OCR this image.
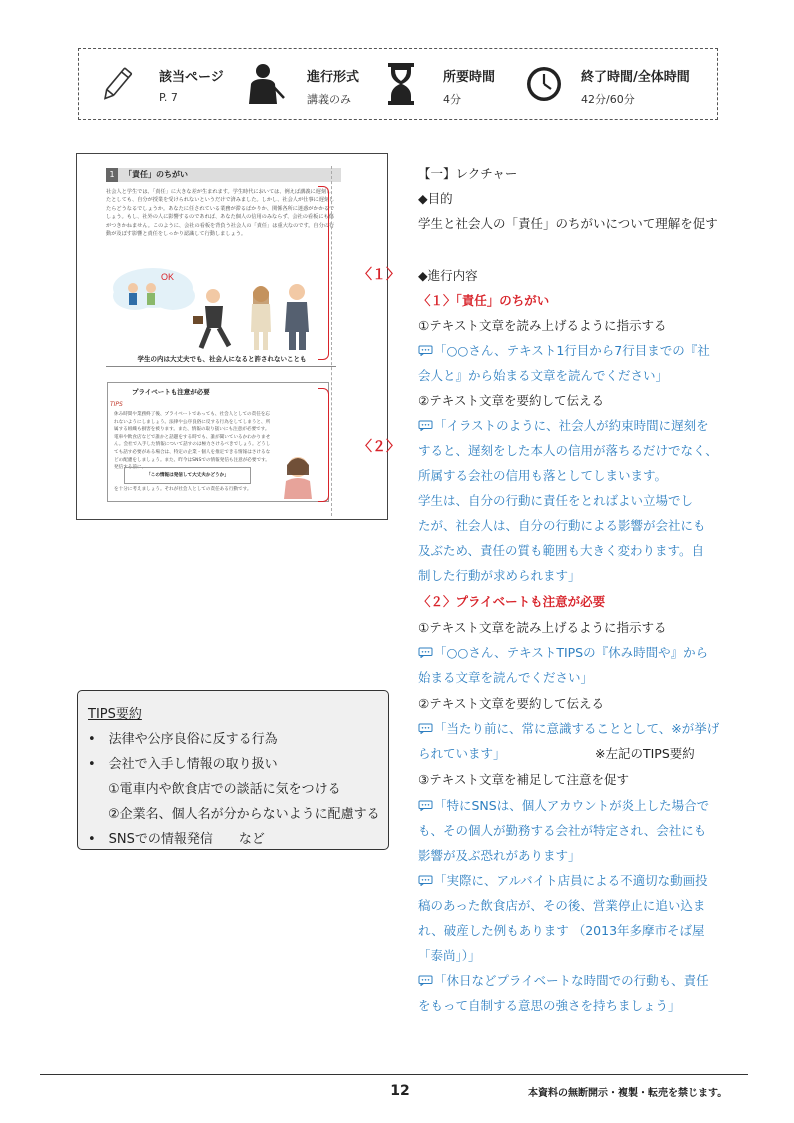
該当ページ
P. 7
進行形式
講義のみ
所要時間
4分
終了時間/全体時間
42分/60分
1	「責任」のちがい
社会人と学生では、「責任」に大きな差が生まれます。学生時代においては、例えば講義に遅刻したとしても、自分が授業を受けられないというだけで済みました。しかし、社会人が仕事に遅刻したらどうなるでしょうか。あなたに任されている業務が滞るばかりか、関係各所に迷惑がかかるでしょう。もし、社外の人に影響するのであれば、あなた個人の信用のみならず、会社の看板にも傷がつきかねません。このように、会社の看板を背負う社会人の「責任」は重大なのです。自分の行動が及ぼす影響と責任をしっかり認識して行動しましょう。
OK
学生の内は大丈夫でも、社会人になると許されないことも
TIPS
プライベートも注意が必要
休み時間や業務終了後、プライベートであっても、社会人としての責任を忘れないようにしましょう。法律や公序良俗に反する行為をしてしまうと、所属する組織も損害を被ります。また、情報の取り扱いにも注意が必要です。電車や飲食店などで誰かと話題をする時でも、誰が聞いているかわかりません。会社で入手した情報について話すのは極力さけるべきでしょう。どうしても話す必要がある場合は、特定の企業・個人を推定できる情報はさけるなどの配慮をしましょう。また、昨今はSNSでの情報発信も注意が必要です。発信する前に、
「この情報は発信して大丈夫かどうか」
を十分に考えましょう。それが社会人としての責任ある行動です。
〈１〉
〈２〉
【一】レクチャー
◆目的
学生と社会人の「責任」のちがいについて理解を促す
◆進行内容
〈１〉「責任」のちがい
①テキスト文章を読み上げるように指示する
「○○さん、テキスト1行目から7行目までの『社
会人と』から始まる文章を読んでください」
②テキスト文章を要約して伝える
「イラストのように、社会人が約束時間に遅刻を
すると、遅刻をした本人の信用が落ちるだけでなく、
所属する会社の信用も落としてしまいます。
学生は、自分の行動に責任をとればよい立場でし
たが、社会人は、自分の行動による影響が会社にも
及ぶため、責任の質も範囲も大きく変わります。自
制した行動が求められます」
〈２〉プライベートも注意が必要
①テキスト文章を読み上げるように指示する
「○○さん、テキストTIPSの『休み時間や』から
始まる文章を読んでください」
②テキスト文章を要約して伝える
「当たり前に、常に意識することとして、※が挙げ
られています」	※左記のTIPS要約
③テキスト文章を補足して注意を促す
「特にSNSは、個人アカウントが炎上した場合で
も、その個人が勤務する会社が特定され、会社にも
影響が及ぶ恐れがあります」
「実際に、アルバイト店員による不適切な動画投
稿のあった飲食店が、その後、営業停止に追い込ま
れ、破産した例もあります （2013年多摩市そば屋
「泰尚」）」
「休日などプライベートな時間での行動も、責任
をもって自制する意思の強さを持ちましょう」
TIPS要約
•　法律や公序良俗に反する行為
•　会社で入手し情報の取り扱い
①電車内や飲食店での談話に気をつける
②企業名、個人名が分からないように配慮する
•　SNSでの情報発信　　など
12	本資料の無断開示・複製・転売を禁じます。
